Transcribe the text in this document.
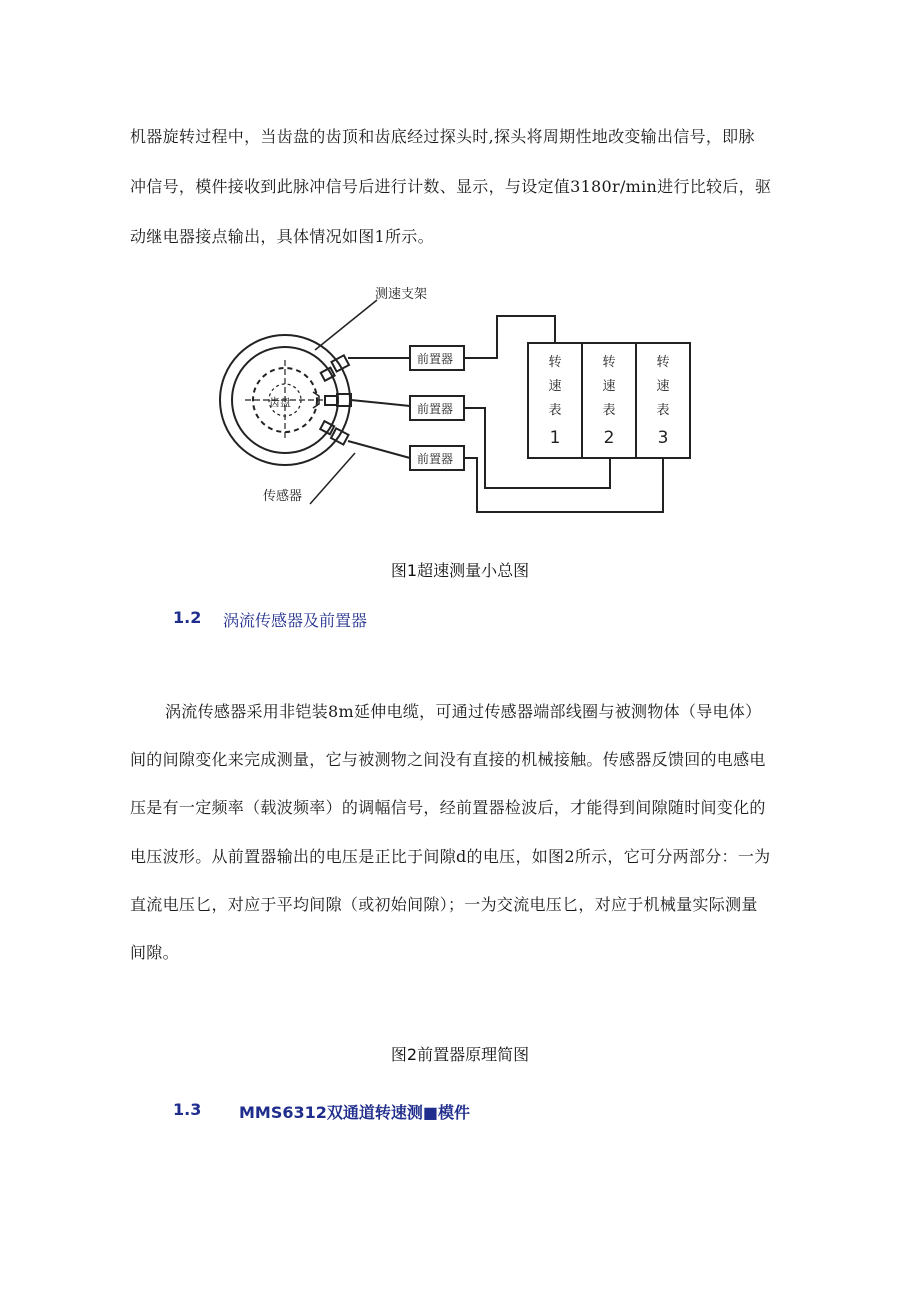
机器旋转过程中，当齿盘的齿顶和齿底经过探头时,探头将周期性地改变输出信号，即脉
冲信号，模件接收到此脉冲信号后进行计数、显示，与设定值3180r/min进行比较后，驱
动继电器接点输出，具体情况如图1所示。
测速支架
传感器
齿盘
前置器
前置器
前置器
转
速
表
1
转
速
表
2
转
速
表
3
图1超速测量小总图
1.2 涡流传感器及前置器
涡流传感器采用非铠装8m延伸电缆，可通过传感器端部线圈与被测物体（导电体）
间的间隙变化来完成测量，它与被测物之间没有直接的机械接触。传感器反馈回的电感电
压是有一定频率（载波频率）的调幅信号，经前置器检波后，才能得到间隙随时间变化的
电压波形。从前置器输出的电压是正比于间隙d的电压，如图2所示，它可分两部分：一为
直流电压匕，对应于平均间隙（或初始间隙）；一为交流电压匕，对应于机械量实际测量
间隙。
图2前置器原理简图
1.3 MMS6312双通道转速测■模件
